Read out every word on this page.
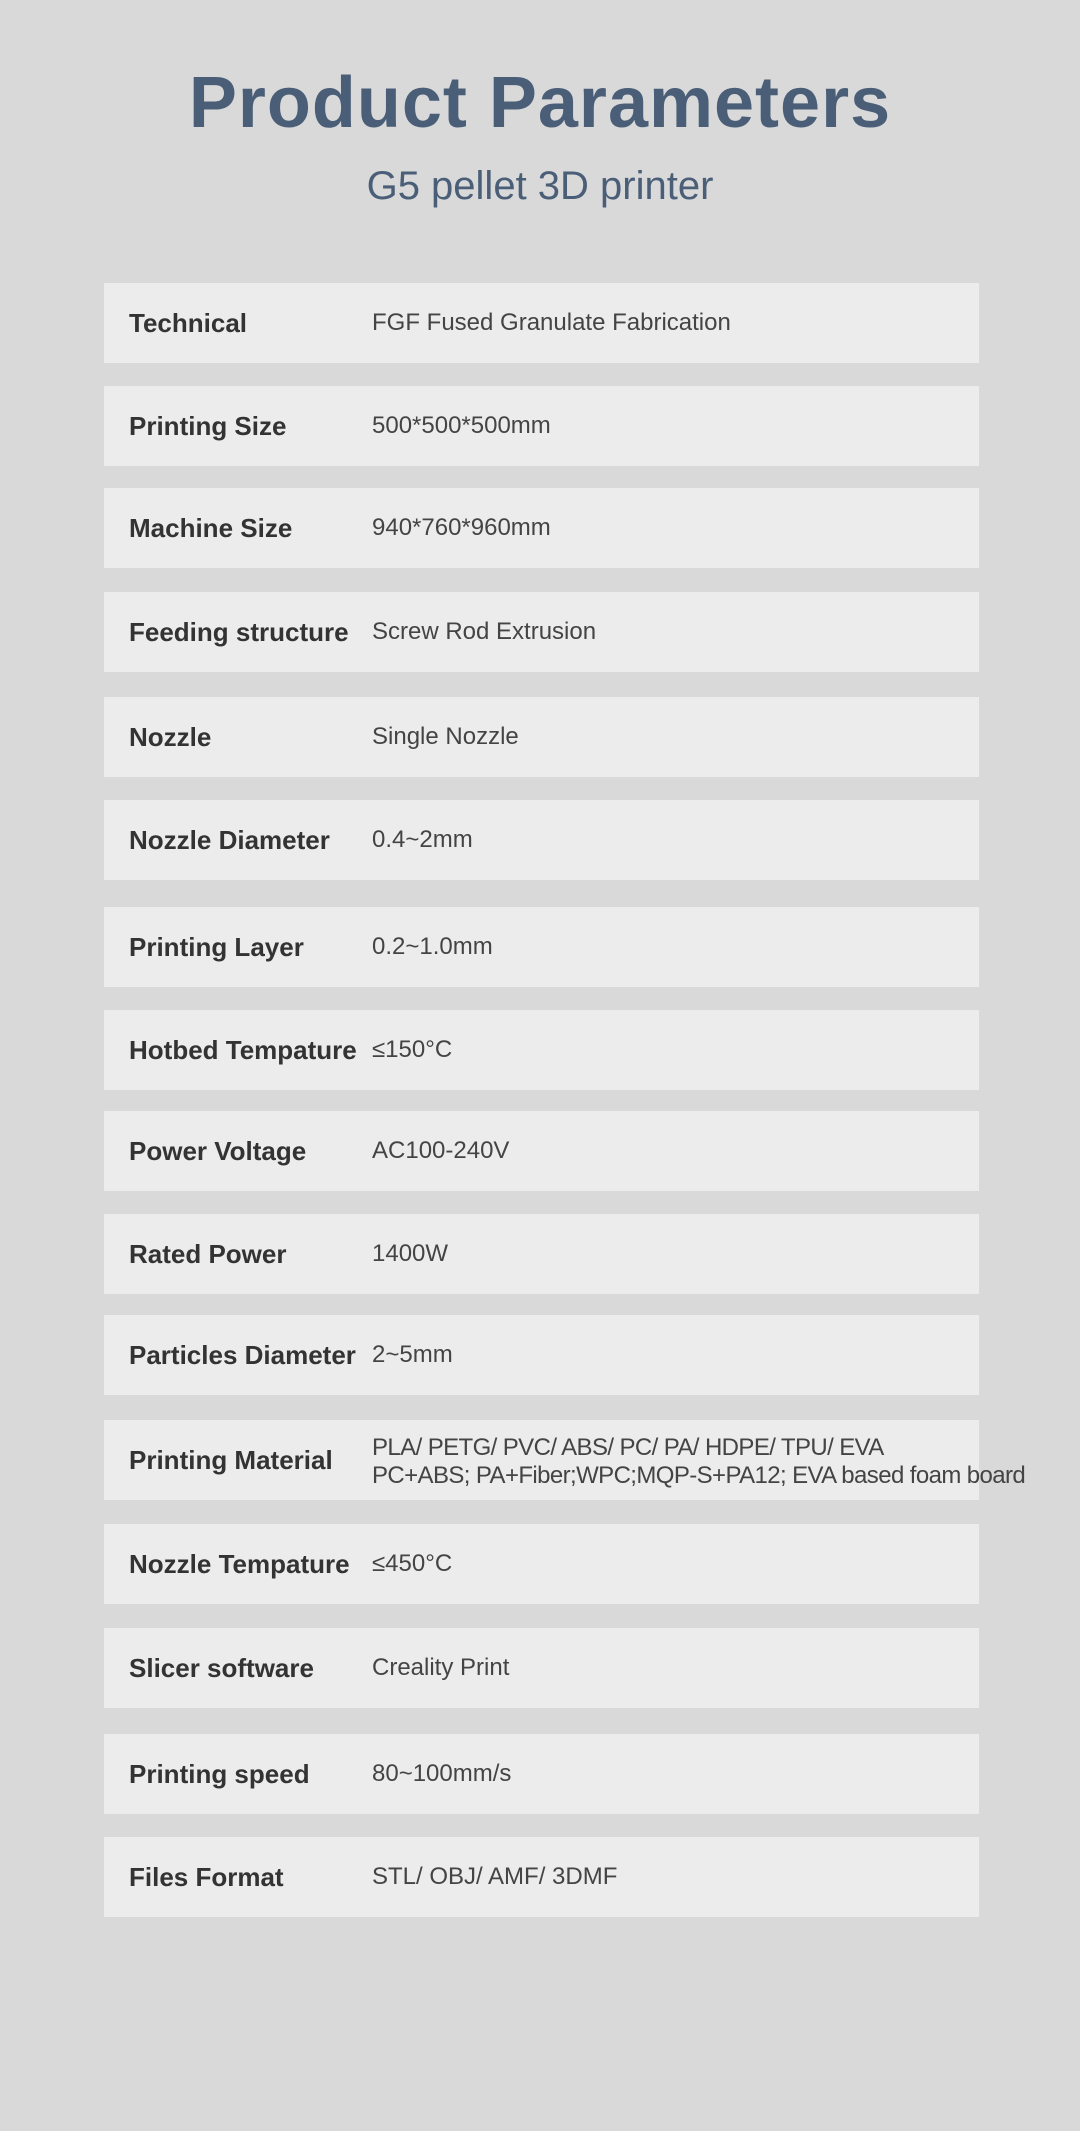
Product Parameters
G5 pellet 3D printer
Technical	FGF Fused Granulate Fabrication
Printing Size	500*500*500mm
Machine Size	940*760*960mm
Feeding structure Screw Rod Extrusion
Nozzle	Single Nozzle
Nozzle Diameter 0.4~2mm
Printing Layer	0.2~1.0mm
Hotbed Tempature ≤150°C
Power Voltage	AC100-240V
Rated Power	1400W
Particles Diameter 2~5mm
Printing Material PLA/ PETG/ PVC/ ABS/ PC/ PA/ HDPE/ TPU/ EVA
PC+ABS; PA+Fiber;WPC;MQP-S+PA12; EVA based foam board
Nozzle Tempature ≤450°C
Slicer software Creality Print
Printing speed	80~100mm/s
Files Format	STL/ OBJ/ AMF/ 3DMF
